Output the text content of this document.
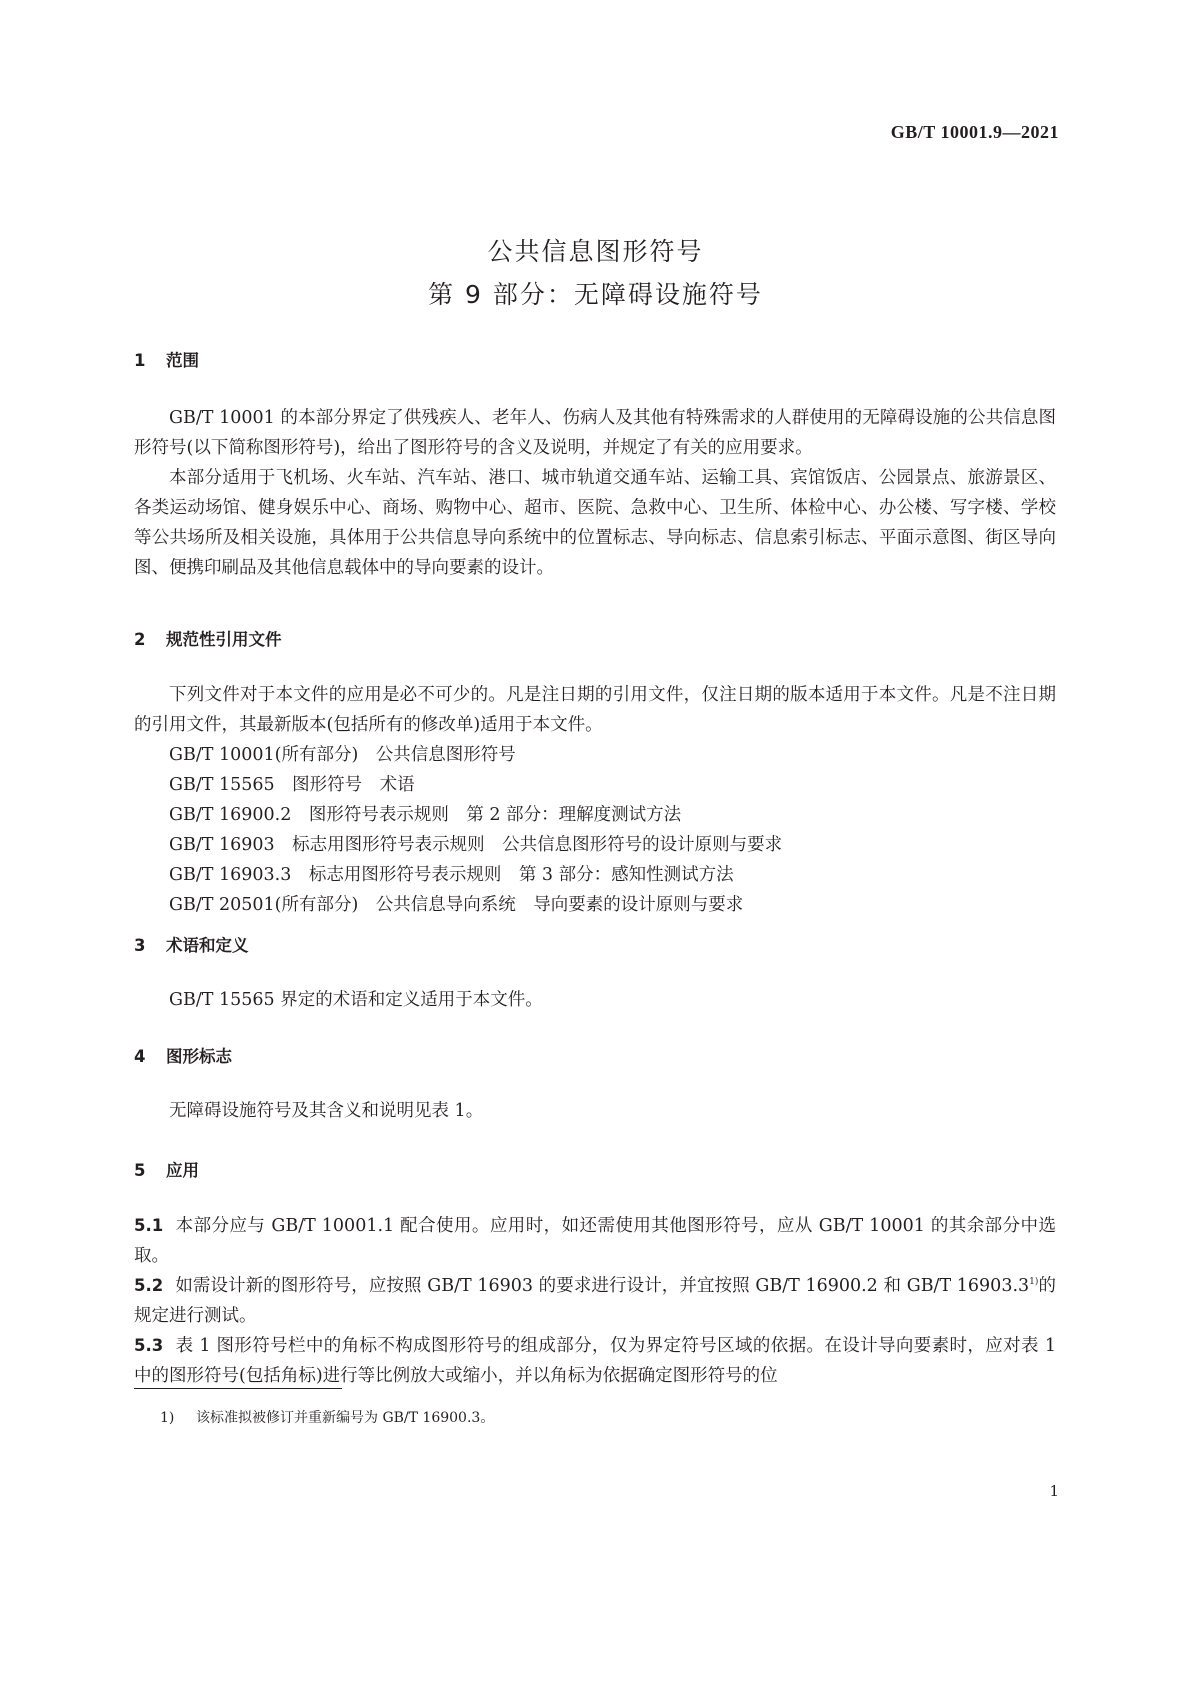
GB/T 10001.9—2021
公共信息图形符号
第 9 部分：无障碍设施符号
1 范围

GB/T 10001 的本部分界定了供残疾人、老年人、伤病人及其他有特殊需求的人群使用的无障碍设施的公共信息图形符号(以下简称图形符号)，给出了图形符号的含义及说明，并规定了有关的应用要求。

本部分适用于飞机场、火车站、汽车站、港口、城市轨道交通车站、运输工具、宾馆饭店、公园景点、旅游景区、各类运动场馆、健身娱乐中心、商场、购物中心、超市、医院、急救中心、卫生所、体检中心、办公楼、写字楼、学校等公共场所及相关设施，具体用于公共信息导向系统中的位置标志、导向标志、信息索引标志、平面示意图、街区导向图、便携印刷品及其他信息载体中的导向要素的设计。

2 规范性引用文件

下列文件对于本文件的应用是必不可少的。凡是注日期的引用文件，仅注日期的版本适用于本文件。凡是不注日期的引用文件，其最新版本(包括所有的修改单)适用于本文件。

GB/T 10001(所有部分)　公共信息图形符号
GB/T 15565　图形符号　术语
GB/T 16900.2　图形符号表示规则　第 2 部分：理解度测试方法
GB/T 16903　标志用图形符号表示规则　公共信息图形符号的设计原则与要求
GB/T 16903.3　标志用图形符号表示规则　第 3 部分：感知性测试方法
GB/T 20501(所有部分)　公共信息导向系统　导向要素的设计原则与要求
3 术语和定义

GB/T 15565 界定的术语和定义适用于本文件。

4 图形标志

无障碍设施符号及其含义和说明见表 1。

5 应用

5.1 本部分应与 GB/T 10001.1 配合使用。应用时，如还需使用其他图形符号，应从 GB/T 10001 的其余部分中选取。

5.2 如需设计新的图形符号，应按照 GB/T 16903 的要求进行设计，并宜按照 GB/T 16900.2 和 GB/T 16903.3$^{1)}$的规定进行测试。

5.3 表 1 图形符号栏中的角标不构成图形符号的组成部分，仅为界定符号区域的依据。在设计导向要素时，应对表 1 中的图形符号(包括角标)进行等比例放大或缩小，并以角标为依据确定图形符号的位

1) 该标准拟被修订并重新编号为 GB/T 16900.3。
1
